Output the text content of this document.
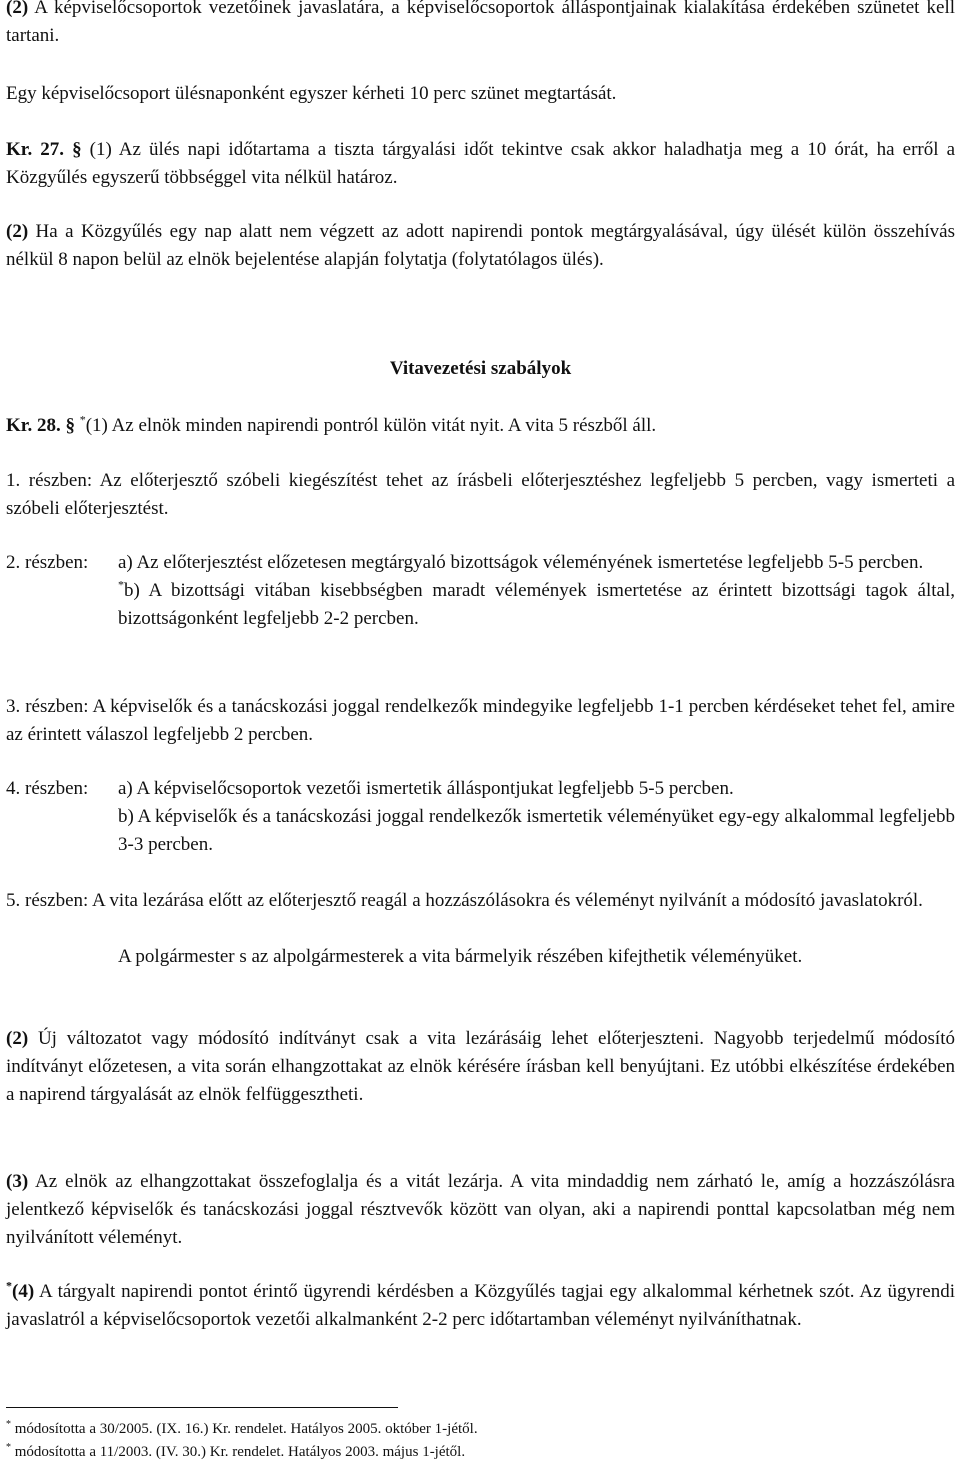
(2) A képviselőcsoportok vezetőinek javaslatára, a képviselőcsoportok álláspontjainak kialakítása érdekében szünetet kell tartani.

Egy képviselőcsoport ülésnaponként egyszer kérheti 10 perc szünet megtartását.

Kr. 27. § (1) Az ülés napi időtartama a tiszta tárgyalási időt tekintve csak akkor haladhatja meg a 10 órát, ha erről a Közgyűlés egyszerű többséggel vita nélkül határoz.

(2) Ha a Közgyűlés egy nap alatt nem végzett az adott napirendi pontok megtárgyalásával, úgy ülését külön összehívás nélkül 8 napon belül az elnök bejelentése alapján folytatja (folytatólagos ülés).

Vitavezetési szabályok

Kr. 28. § *(1) Az elnök minden napirendi pontról külön vitát nyit. A vita 5 részből áll.

1. részben: Az előterjesztő szóbeli kiegészítést tehet az írásbeli előterjesztéshez legfeljebb 5 percben, vagy ismerteti a szóbeli előterjesztést.

2. részben:	a) Az előterjesztést előzetesen megtárgyaló bizottságok véleményének ismertetése legfeljebb 5-5 percben.

*b) A bizottsági vitában kisebbségben maradt vélemények ismertetése az érintett bizottsági tagok által, bizottságonként legfeljebb 2-2 percben.

3. részben: A képviselők és a tanácskozási joggal rendelkezők mindegyike legfeljebb 1-1 percben kérdéseket tehet fel, amire az érintett válaszol legfeljebb 2 percben.

4. részben:	a) A képviselőcsoportok vezetői ismertetik álláspontjukat legfeljebb 5-5 percben.

b) A képviselők és a tanácskozási joggal rendelkezők ismertetik véleményüket egy-egy alkalommal legfeljebb 3-3 percben.

5. részben: A vita lezárása előtt az előterjesztő reagál a hozzászólásokra és véleményt nyilvánít a módosító javaslatokról.

A polgármester s az alpolgármesterek a vita bármelyik részében kifejthetik véleményüket.

(2) Új változatot vagy módosító indítványt csak a vita lezárásáig lehet előterjeszteni. Nagyobb terjedelmű módosító indítványt előzetesen, a vita során elhangzottakat az elnök kérésére írásban kell benyújtani. Ez utóbbi elkészítése érdekében a napirend tárgyalását az elnök felfüggesztheti.

(3) Az elnök az elhangzottakat összefoglalja és a vitát lezárja. A vita mindaddig nem zárható le, amíg a hozzászólásra jelentkező képviselők és tanácskozási joggal résztvevők között van olyan, aki a napirendi ponttal kapcsolatban még nem nyilvánított véleményt.

*(4) A tárgyalt napirendi pontot érintő ügyrendi kérdésben a Közgyűlés tagjai egy alkalommal kérhetnek szót. Az ügyrendi javaslatról a képviselőcsoportok vezetői alkalmanként 2-2 perc időtartamban véleményt nyilváníthatnak.

* módosította a 30/2005. (IX. 16.) Kr. rendelet. Hatályos 2005. október 1-jétől.
* módosította a 11/2003. (IV. 30.) Kr. rendelet. Hatályos 2003. május 1-jétől.
